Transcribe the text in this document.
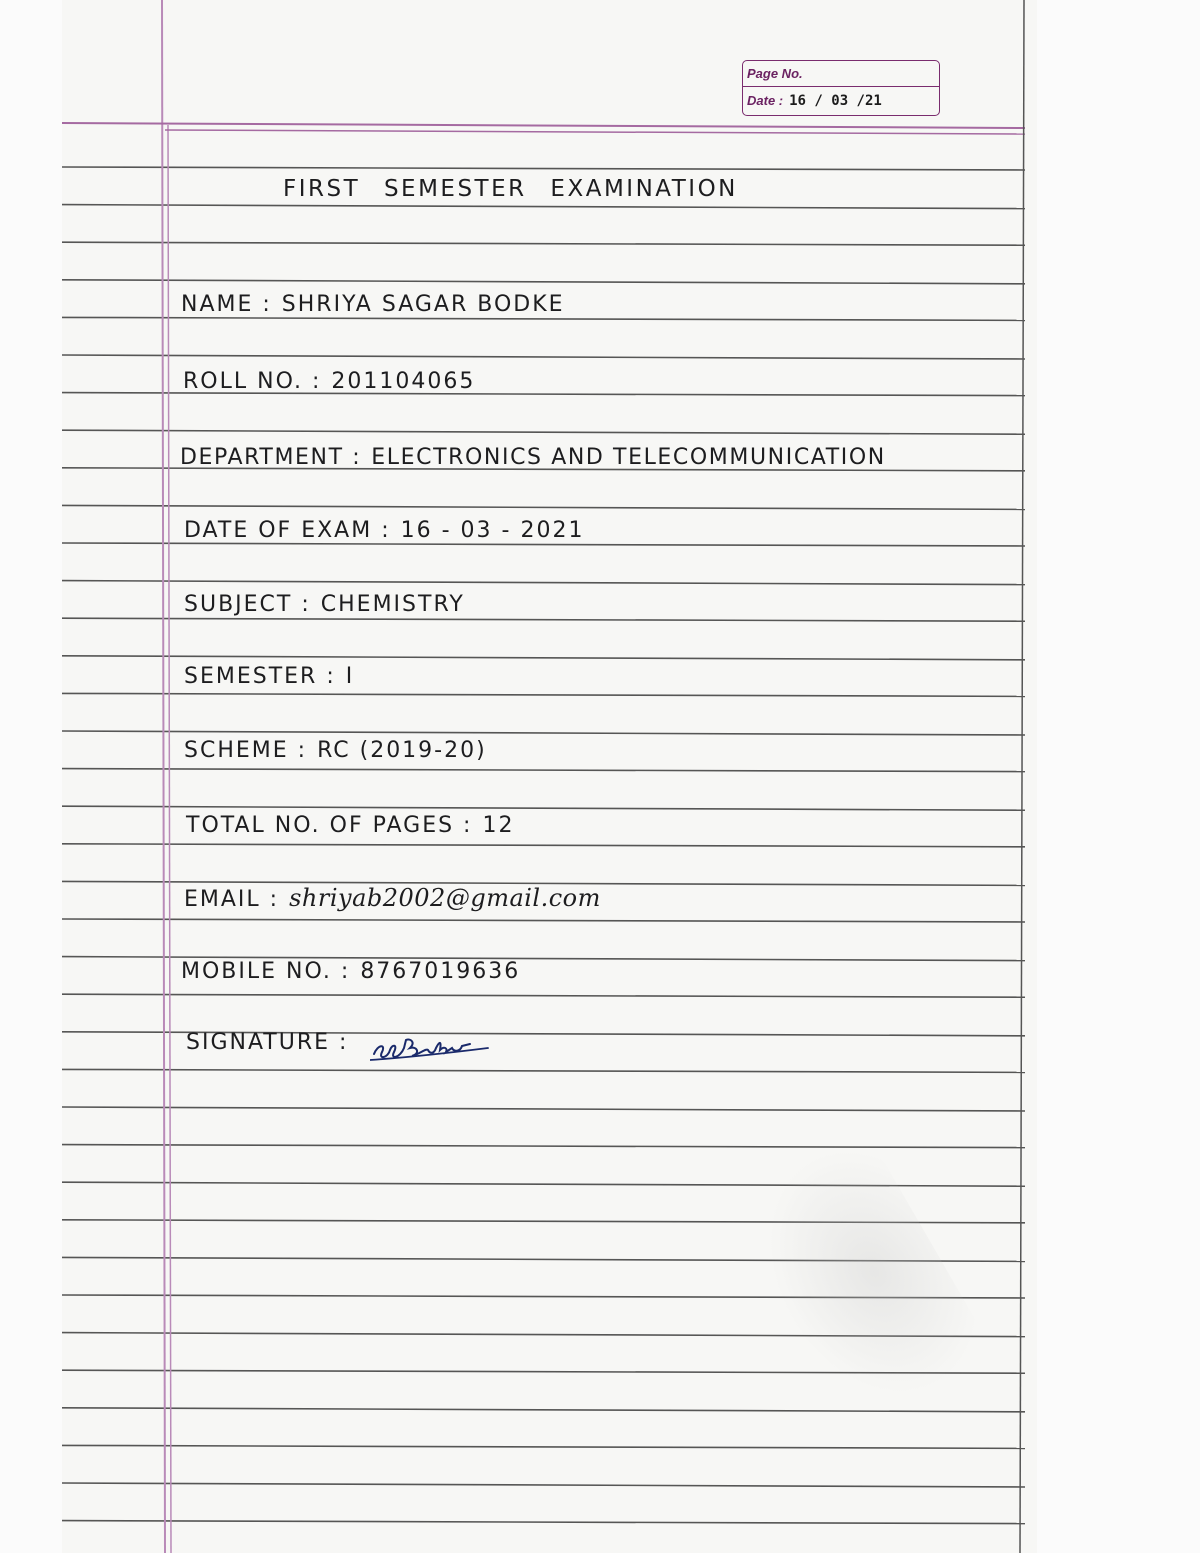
Page No.
Date : 16 / 03 /21
FIRST SEMESTER EXAMINATION
NAME : SHRIYA SAGAR BODKE
ROLL NO. : 201104065
DEPARTMENT : ELECTRONICS AND TELECOMMUNICATION
DATE OF EXAM : 16 - 03 - 2021
SUBJECT : CHEMISTRY
SEMESTER : I
SCHEME : RC (2019-20)
TOTAL NO. OF PAGES : 12
EMAIL : shriyab2002@gmail.com
MOBILE NO. : 8767019636
SIGNATURE :
